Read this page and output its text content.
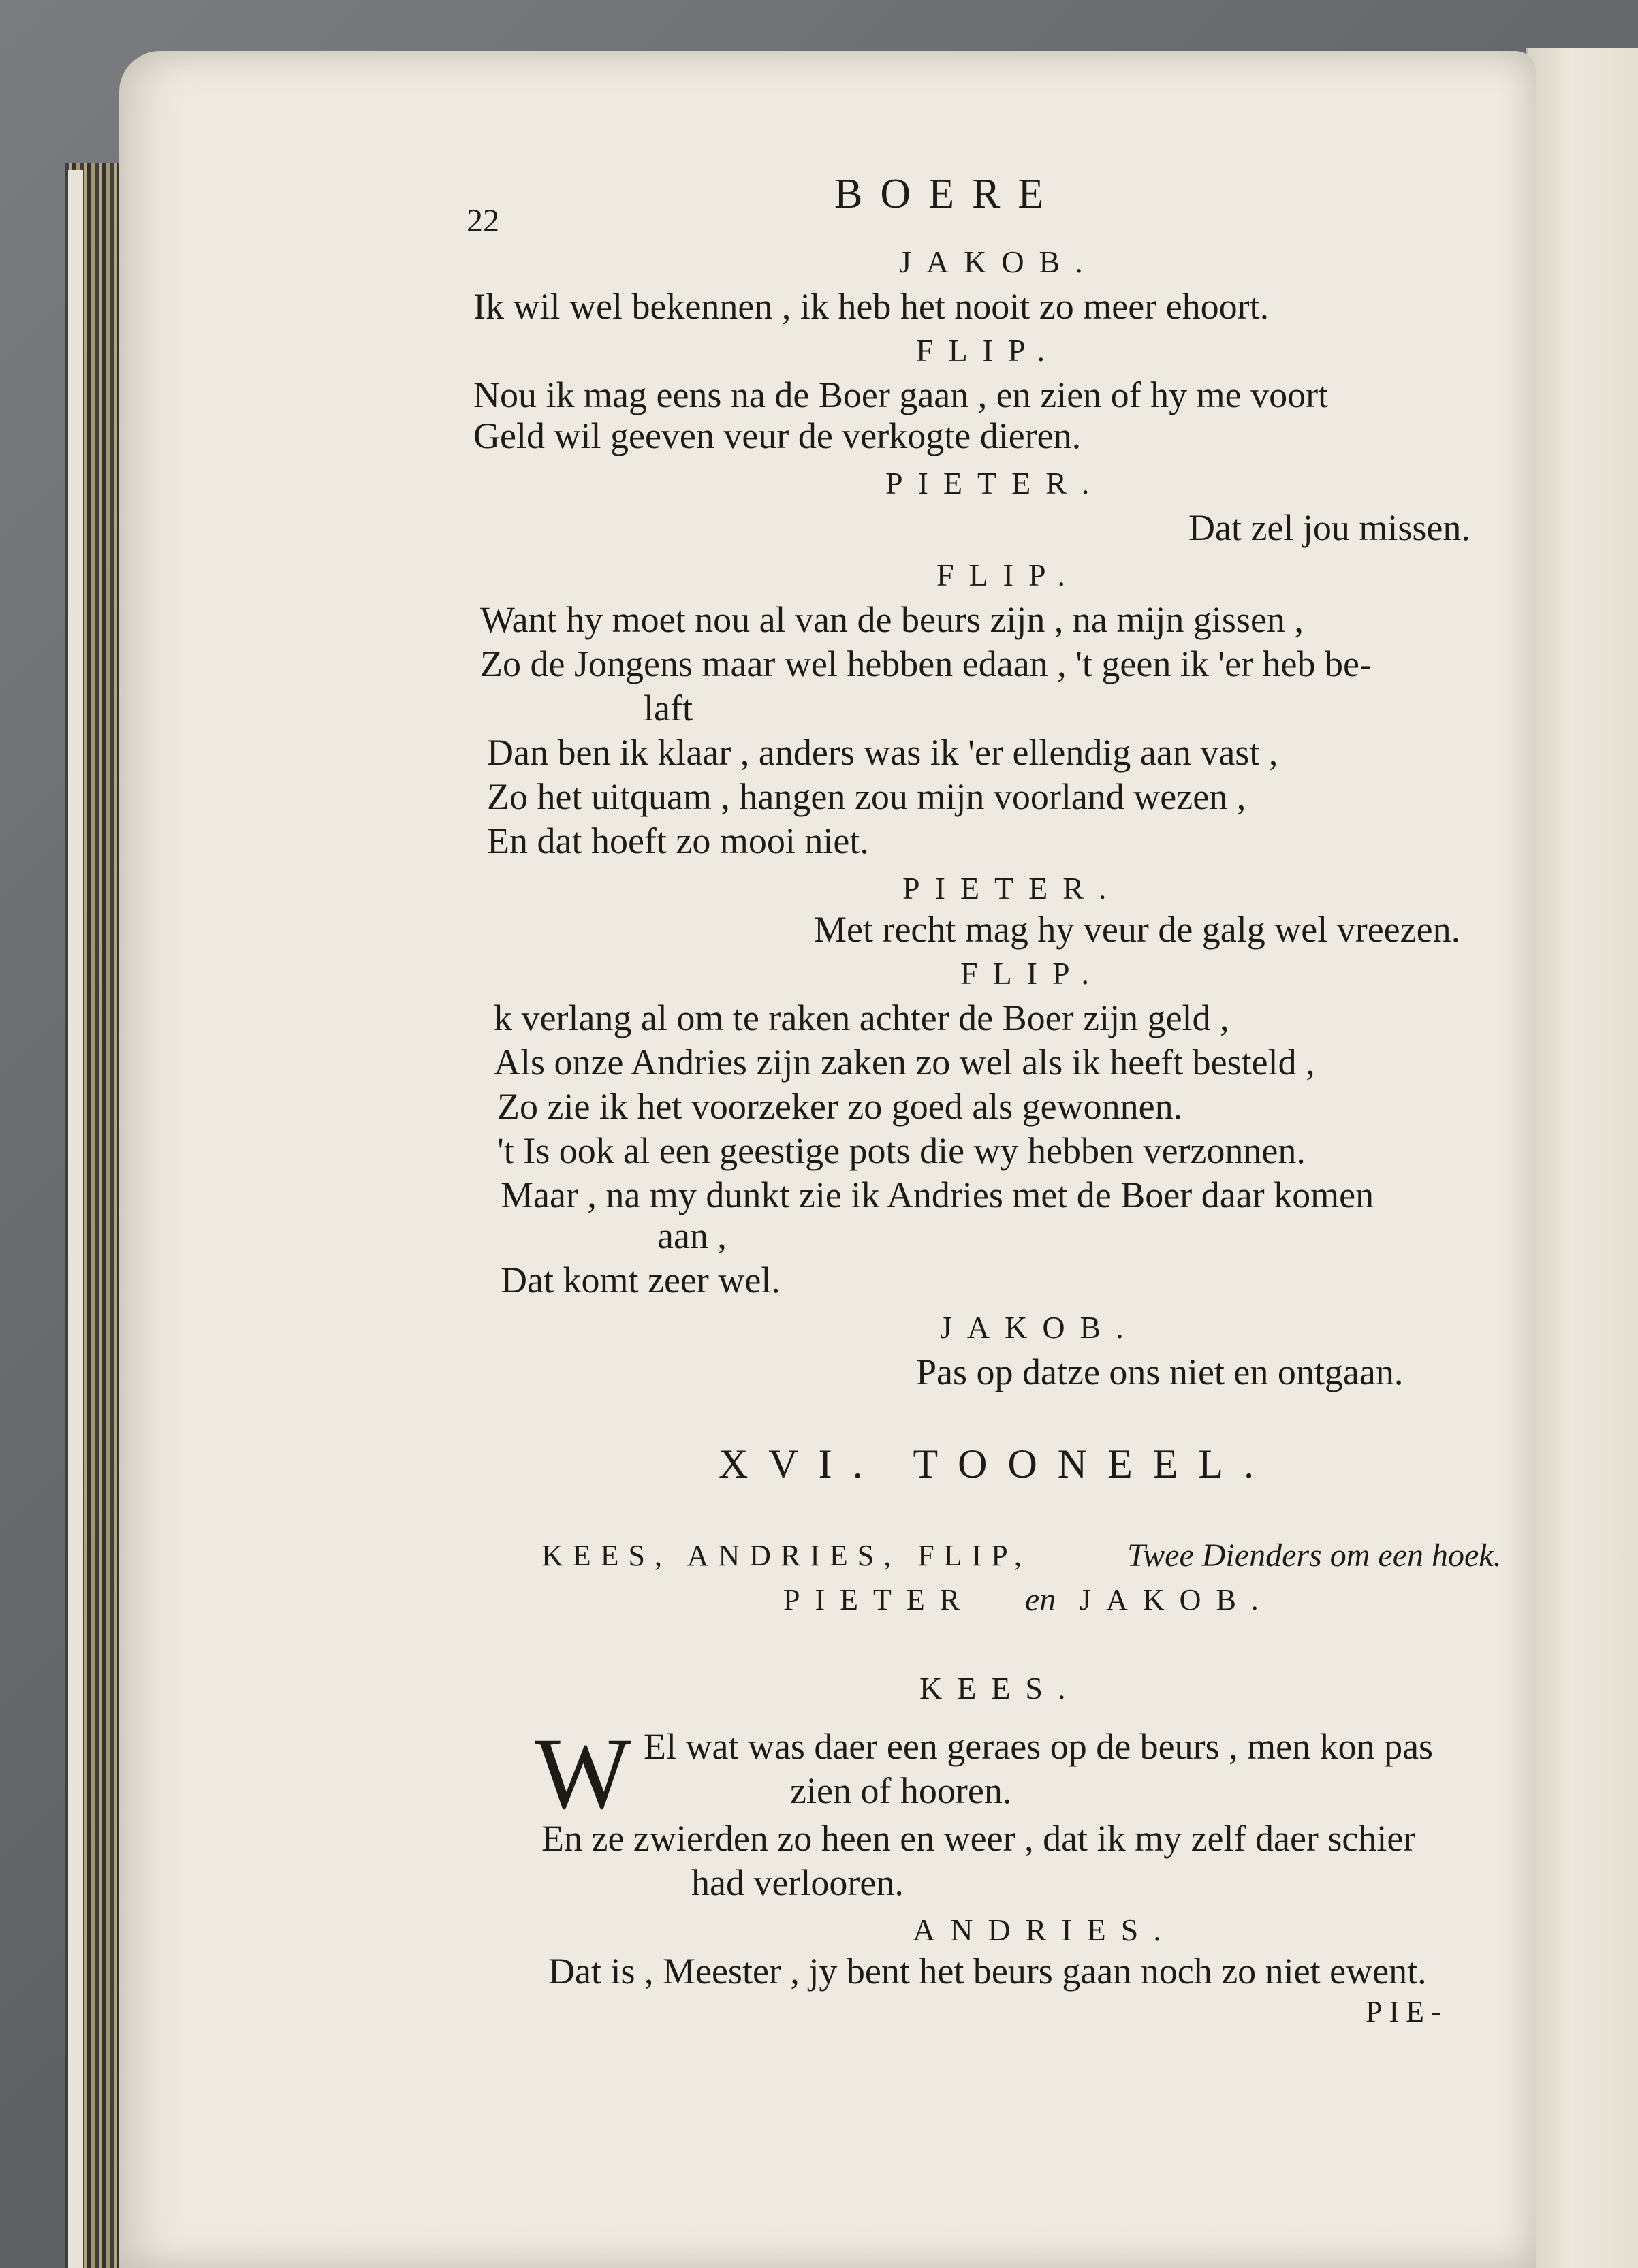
22
BOERE
JAKOB.
Ik wil wel bekennen , ik heb het nooit zo meer ehoort.
FLIP.
Nou ik mag eens na de Boer gaan , en zien of hy me voort
Geld wil geeven veur de verkogte dieren.
PIETER.
Dat zel jou missen.
FLIP.
Want hy moet nou al van de beurs zijn , na mijn gissen ,
Zo de Jongens maar wel hebben edaan , 't geen ik 'er heb be-
laft
Dan ben ik klaar , anders was ik 'er ellendig aan vast ,
Zo het uitquam , hangen zou mijn voorland wezen ,
En dat hoeft zo mooi niet.
PIETER.
Met recht mag hy veur de galg wel vreezen.
FLIP.
k verlang al om te raken achter de Boer zijn geld ,
Als onze Andries zijn zaken zo wel als ik heeft besteld ,
Zo zie ik het voorzeker zo goed als gewonnen.
't Is ook al een geestige pots die wy hebben verzonnen.
Maar , na my dunkt zie ik Andries met de Boer daar komen
aan ,
Dat komt zeer wel.
JAKOB.
Pas op datze ons niet en ontgaan.
XVI. TOONEEL.
KEES, ANDRIES, FLIP,	Twee Dienders om een hoek.
PIETER en JAKOB.
KEES.
W El wat was daer een geraes op de beurs , men kon pas
zien of hooren.
En ze zwierden zo heen en weer , dat ik my zelf daer schier
had verlooren.
ANDRIES.
Dat is , Meester , jy bent het beurs gaan noch zo niet ewent.
PIE-
